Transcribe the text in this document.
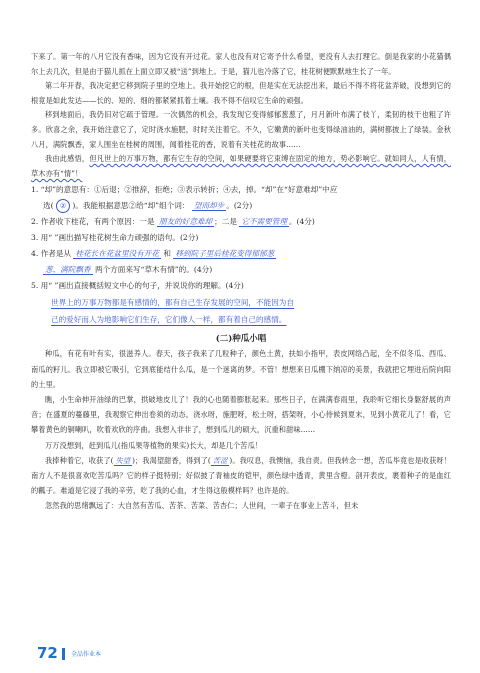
下来了。第一年的八月它没有香味，因为它没有开过花。家人也没有对它寄予什么希望，更没有人去打理它。倒是我家的小花猫偶尔上去几次，但是由于猫儿抓在上面立即又被“送”到地上。于是，猫儿也冷落了它，桂花树便默默地生长了一年。

第二年开春，我决定把它移到院子里的空地上。我开始挖它的根，但是实在无法挖出来，最后不得不将花盆弄破，没想到它的根竟是如此发达——长的、短的、细的都紧紧抓着土壤。我不得不信叹它生命的顽强。

移到地面后，我仍旧对它疏于管理。一次偶然的机会，我发现它变得郁郁葱葱了，月月新叶布满了枝丫，柔韧的枝干也粗了许多。欣喜之余，我开始注意它了，定时浇水施肥，时时关注着它。不久，它嫩黄的新叶也变得绿油油的，满树都披上了绿装。金秋八月，满院飘香，家人围坐在桂树的周围，闻着桂花的香，说着有关桂花的故事……

我由此感悟，但凡世上的万事万物，都有它生存的空间，如果硬要将它束缚在固定的地方，势必影响它。就如同人，人有情，草木亦有“情”！

1. “却”的意思有：①后退；②推辞，拒绝；③表示转折；④去，掉。“却”在“好意难却”中应

选( ② )。我能根据意思②给“却”组个词： 望而却步 。(2分)

2. 作者收下桂花，有两个原因：一是 朋友的好意难却 ；二是 它不需要管理 。(4分)

3. 用“ ”画出描写桂花树生命力顽强的语句。(2分)

4. 作者是从 桂花长在花盆里没有开花 和 移到院子里后桂花变得郁郁葱

葱、满院飘香 两个方面来写“草木有情”的。(4分)

5. 用“ ”画出直接概括短文中心的句子，并说说你的理解。(4分)

世界上的万事万物都是有感情的，都有自己生存发展的空间，不能因为自

己的爱好而人为地影响它们生存，它们像人一样，都有着自己的感情。

(二)种瓜小唱

种瓜，有花有叶有实，很滋养人。春天，孩子我来了几粒种子，颜色土黄，扶如小指甲，表皮网络凸起，全不似冬瓜、西瓜、南瓜的籽儿。我立即被它吸引，它到底能结什么瓜，是一个迷离的梦。不管！想想来日瓜棚下纳凉的美景，我就把它埋进后院向阳的土里。

瞧，小生命伸开油绿的巴掌，拱破地皮儿了！我的心也随着膨胀起来。那些日子，在满满春雨里，我聆听它细长身躯舒展的声音；在盛夏的蔓藤里，我观察它伸出卷须的动态。浇水呀，施肥呀，松土呀，搭架呀，小心侍候到夏末，见到小黄花儿了！看，它攀着黄色的铜喇叭，吹着欢欣的序曲。我想入非非了，想到瓜儿的硕大，沉重和甜味……

万万没想到，赶到瓜儿(指瓜果等植物的果实)长大，却是几个苦瓜！

我捧种着它，收获了( 失望 )；我渴望甜香，得到了( 苦涩 )。我叹息，我懊恼，我自责。但我转念一想，苦瓜毕竟也是收获呀！南方人不是很喜欢吃苦瓜吗？它的样子挺特别；好似披了青袖皮的铠甲，颜色绿中透青，黄里含橙。剖开表皮，裹着种子的是血红的瓤子。难道是它浸了我的辛劳，吃了我的心血，才生得这般模样吗？也许是的。

忽然我的思绪飘远了：大自然有苦瓜、苦茶、苦菜、苦杏仁；人世间，一辈子在事业上苦斗，但未

72 全品作业本
